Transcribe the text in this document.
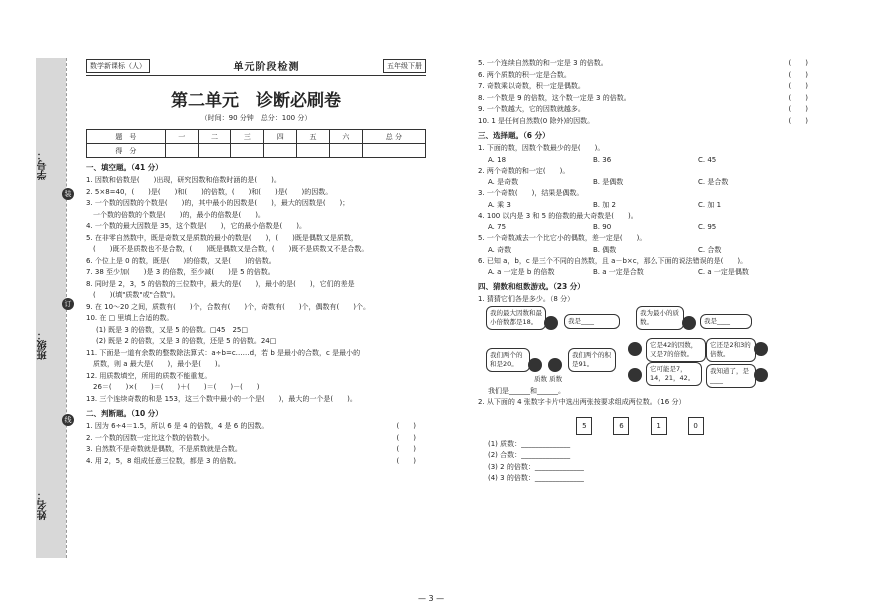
学号：
班级：
姓名：
装
订
线
数学新课标（人）	单元阶段检测	五年级下册
第二单元　诊断必刷卷
（时间：90 分钟　总分：100 分）
题　号	一	二	三	四	五	六	总 分
得　分							
一、填空题。（41 分）

1. 因数和倍数是(　　)出现，研究因数和倍数时涵的是(　　)。

2. 5×8=40，(　　)是(　　)和(　　)的倍数，(　　)和(　　)是(　　)的因数。

3. 一个数的因数的个数是(　　)的，其中最小的因数是(　　)，最大的因数是(　　)；

　一个数的倍数的个数是(　　)的，最小的倍数是(　　)。

4. 一个数的最大因数是 35，这个数是(　　)，它的最小倍数是(　　)。

5. 在非零自然数中，既是奇数又是质数的最小的数是(　　)，(　　)既是偶数又是质数，

　(　　)既不是质数也不是合数，(　　)既是偶数又是合数，(　　)既不是质数又不是合数。

6. 个位上是 0 的数，既是(　　)的倍数，又是(　　)的倍数。

7. 38 至少加(　　)是 3 的倍数，至少减(　　)是 5 的倍数。

8. 同时是 2，3，5 的倍数的三位数中，最大的是(　　)，最小的是(　　)，它们的差是

　(　　)(填"质数"或"合数")。

9. 在 10～20 之间，质数有(　　)个，合数有(　　)个，奇数有(　　)个，偶数有(　　)个。

10. 在 □ 里填上合适的数。

(1) 既是 3 的倍数，又是 5 的倍数。□45　25□

(2) 既是 2 的倍数，又是 3 的倍数，还是 5 的倍数。24□

11. 下面是一道有余数的整数除法算式：a÷b=c……d，若 b 是最小的合数，c 是最小的

　质数，则 a 最大是(　　)，最小是(　　)。

12. 用质数填空，所用的质数不能重复。

　26＝(　　)×(　　)＝(　　)＋(　　)＝(　　)－(　　)

13. 三个连续奇数的和是 153，这三个数中最小的一个是(　　)，最大的一个是(　　)。

二、判断题。（10 分）

1. 因为 6÷4＝1.5，所以 6 是 4 的倍数，4 是 6 的因数。	(　　)

2. 一个数的因数一定比这个数的倍数小。	(　　)

3. 自然数不是奇数就是偶数，不是质数就是合数。	(　　)

4. 用 2，5，8 组成任意三位数，都是 3 的倍数。	(　　)

5. 一个连续自然数的和一定是 3 的倍数。	(　　)

6. 两个质数的积一定是合数。	(　　)

7. 奇数乘以奇数，积一定是偶数。	(　　)

8. 一个数是 9 的倍数，这个数一定是 3 的倍数。	(　　)

9. 一个数越大，它的因数就越多。	(　　)

10. 1 是任何自然数(0 除外)的因数。	(　　)

三、选择题。（6 分）

1. 下面的数，因数个数最少的是(　　)。

A. 18	B. 36	C. 45

2. 两个奇数的和一定(　　)。

A. 是奇数	B. 是偶数	C. 是合数

3. 一个奇数(　　)，结果是偶数。

A. 乘 3	B. 加 2	C. 加 1

4. 100 以内是 3 和 5 的倍数的最大奇数是(　　)。

A. 75	B. 90	C. 95

5. 一个奇数减去一个比它小的偶数，差一定是(　　)。

A. 奇数	B. 偶数	C. 合数

6. 已知 a，b，c 是三个不同的自然数，且 a－b×c，那么下面的说法错误的是(　　)。

A. a 一定是 b 的倍数	B. a 一定是合数	C. a 一定是偶数
四、猜数和组数游戏。（23 分）

1. 猜猜它们各是多少。（8 分）

我的最大因数和最小倍数都是18。	我是____
我为最小的质数。	我是____
我们两个的和是20。
我们两个的积是91。
质数 质数
它是42的因数，又是7的倍数。
它还是2和3的倍数。
它可能是7，14，21，42。
我知道了，是____

我们是______和______。

2. 从下面的 4 张数字卡片中选出两张按要求组成两位数。（16 分）

5	6	1	0

(1) 质数：______________

(2) 合数：______________

(3) 2 的倍数：______________

(4) 3 的倍数：______________

— 3 —
